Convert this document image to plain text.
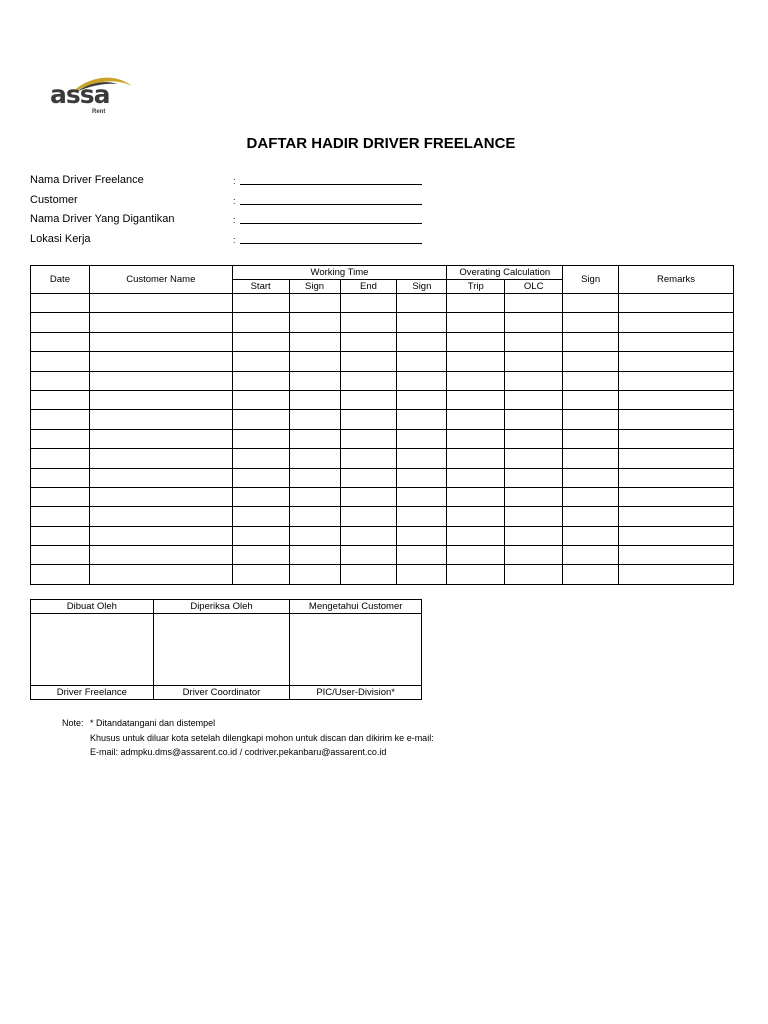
assa
Rent
DAFTAR HADIR DRIVER FREELANCE
Nama Driver Freelance	:
Customer	:
Nama Driver Yang Digantikan	:
Lokasi Kerja	:
Date	Customer Name	Working Time				Overating Calculation		Sign	Remarks
		Start	Sign	End	Sign	Trip	OLC		

Dibuat Oleh	Diperiksa Oleh	Mengetahui Customer

Driver Freelance	Driver Coordinator	PIC/User-Division*
Note: * Ditandatangani dan distempel
Khusus untuk diluar kota setelah dilengkapi mohon untuk discan dan dikirim ke e-mail:
E-mail: admpku.dms@assarent.co.id / codriver.pekanbaru@assarent.co.id
